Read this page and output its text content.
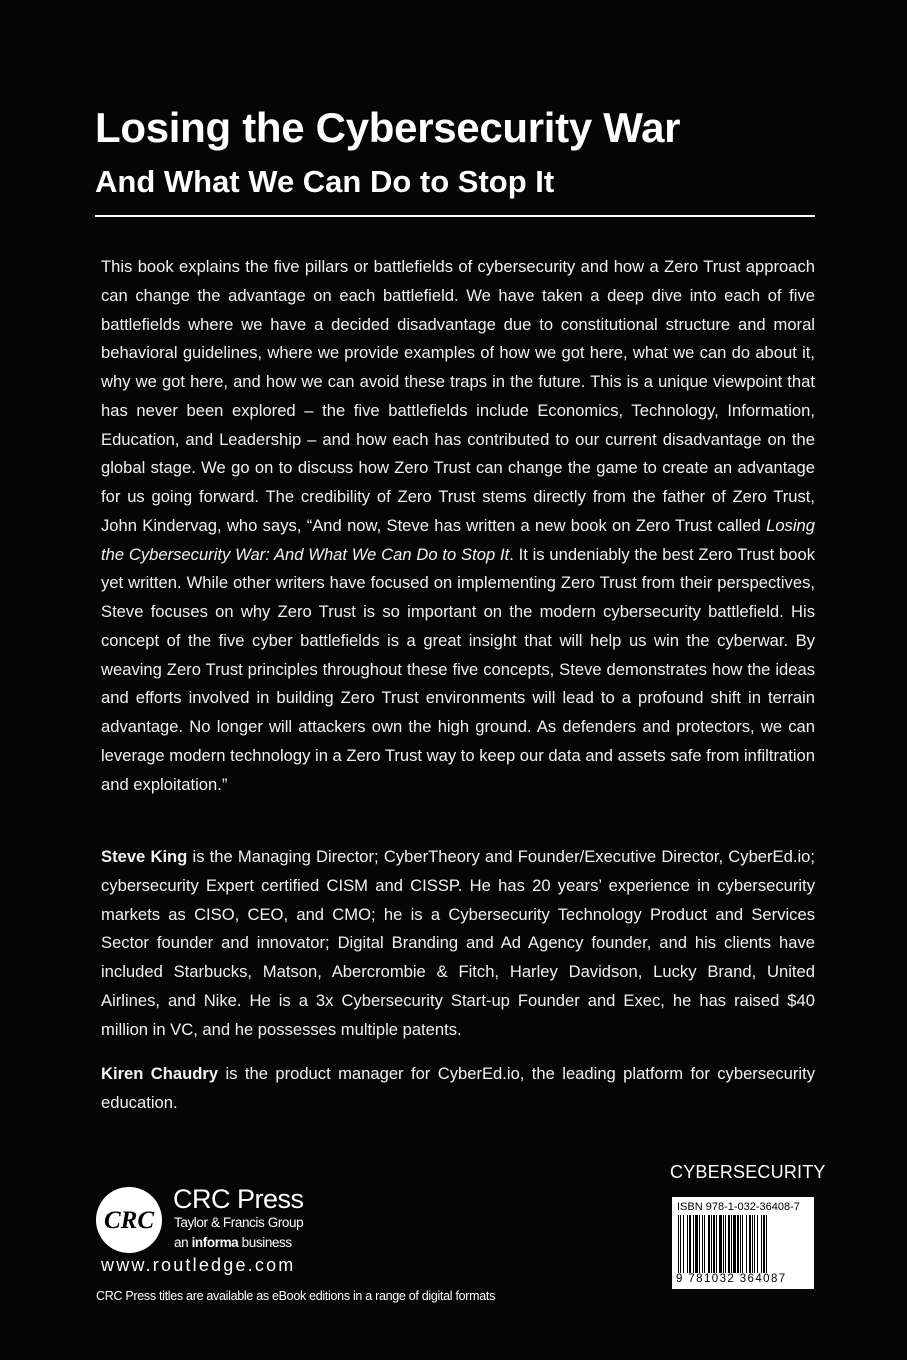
Losing the Cybersecurity War
And What We Can Do to Stop It

This book explains the five pillars or battlefields of cybersecurity and how a Zero Trust approach can change the advantage on each battlefield. We have taken a deep dive into each of five battlefields where we have a decided disadvantage due to constitutional structure and moral behavioral guidelines, where we provide examples of how we got here, what we can do about it, why we got here, and how we can avoid these traps in the future. This is a unique viewpoint that has never been explored – the five battlefields include Economics, Technology, Information, Education, and Leadership – and how each has contributed to our current disadvantage on the global stage. We go on to discuss how Zero Trust can change the game to create an advantage for us going forward. The credibility of Zero Trust stems directly from the father of Zero Trust, John Kindervag, who says, “And now, Steve has written a new book on Zero Trust called Losing the Cybersecurity War: And What We Can Do to Stop It. It is undeniably the best Zero Trust book yet written. While other writers have focused on implementing Zero Trust from their perspectives, Steve focuses on why Zero Trust is so important on the modern cybersecurity battlefield. His concept of the five cyber battlefields is a great insight that will help us win the cyberwar. By weaving Zero Trust principles throughout these five concepts, Steve demonstrates how the ideas and efforts involved in building Zero Trust environments will lead to a profound shift in terrain advantage. No longer will attackers own the high ground. As defenders and protectors, we can leverage modern technology in a Zero Trust way to keep our data and assets safe from infiltration and exploitation.”

Steve King is the Managing Director; CyberTheory and Founder/Executive Director, CyberEd.io; cybersecurity Expert certified CISM and CISSP. He has 20 years’ experience in cybersecurity markets as CISO, CEO, and CMO; he is a Cybersecurity Technology Product and Services Sector founder and innovator; Digital Branding and Ad Agency founder, and his clients have included Starbucks, Matson, Abercrombie & Fitch, Harley Davidson, Lucky Brand, United Airlines, and Nike. He is a 3x Cybersecurity Start-up Founder and Exec, he has raised $40 million in VC, and he possesses multiple patents.

Kiren Chaudry is the product manager for CyberEd.io, the leading platform for cybersecurity education.

CYBERSECURITY
ISBN 978-1-032-36408-7
9 781032 364087
CRC
CRC Press
Taylor & Francis Group
an informa business
www.routledge.com
CRC Press titles are available as eBook editions in a range of digital formats
